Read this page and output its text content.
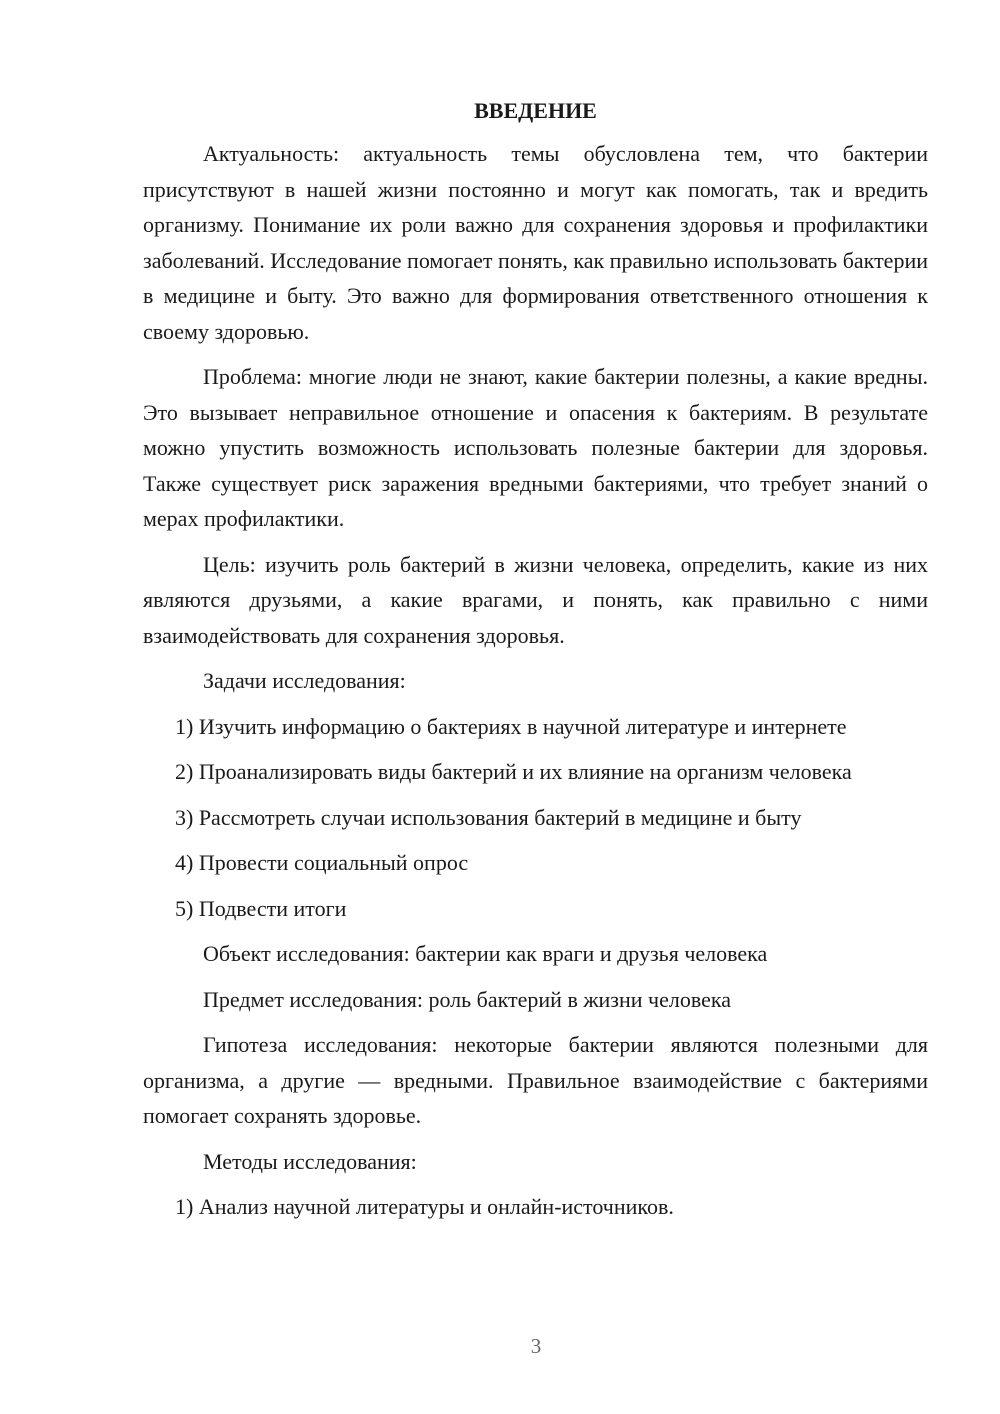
ВВЕДЕНИЕ

Актуальность: актуальность темы обусловлена тем, что бактерии присутствуют в нашей жизни постоянно и могут как помогать, так и вредить организму. Понимание их роли важно для сохранения здоровья и профилактики заболеваний. Исследование помогает понять, как правильно использовать бактерии в медицине и быту. Это важно для формирования ответственного отношения к своему здоровью.

Проблема: многие люди не знают, какие бактерии полезны, а какие вредны. Это вызывает неправильное отношение и опасения к бактериям. В результате можно упустить возможность использовать полезные бактерии для здоровья. Также существует риск заражения вредными бактериями, что требует знаний о мерах профилактики.

Цель: изучить роль бактерий в жизни человека, определить, какие из них являются друзьями, а какие врагами, и понять, как правильно с ними взаимодействовать для сохранения здоровья.

Задачи исследования:

1) Изучить информацию о бактериях в научной литературе и интернете

2) Проанализировать виды бактерий и их влияние на организм человека

3) Рассмотреть случаи использования бактерий в медицине и быту

4) Провести социальный опрос

5) Подвести итоги

Объект исследования: бактерии как враги и друзья человека

Предмет исследования: роль бактерий в жизни человека

Гипотеза исследования: некоторые бактерии являются полезными для организма, а другие — вредными. Правильное взаимодействие с бактериями помогает сохранять здоровье.

Методы исследования:

1) Анализ научной литературы и онлайн-источников.

3
